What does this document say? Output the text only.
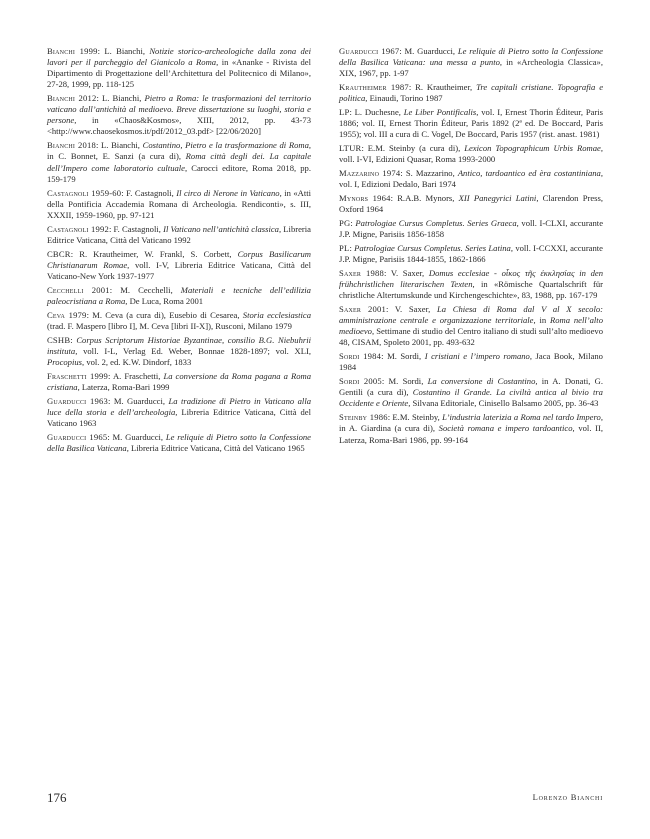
Bianchi 1999: L. Bianchi, Notizie storico-archeologiche dalla zona dei lavori per il parcheggio del Gianicolo a Roma, in «Ananke - Rivista del Dipartimento di Progettazione dell’Architettura del Politecnico di Milano», 27-28, 1999, pp. 118-125

Bianchi 2012: L. Bianchi, Pietro a Roma: le trasformazioni del territorio vaticano dall’antichità al medioevo. Breve dissertazione su luoghi, storia e persone, in «Chaos&Kosmos», XIII, 2012, pp. 43-73 <http://www.chaosekosmos.it/pdf/2012_03.pdf> [22/06/2020]

Bianchi 2018: L. Bianchi, Costantino, Pietro e la trasformazione di Roma, in C. Bonnet, E. Sanzi (a cura di), Roma città degli dei. La capitale dell’Impero come laboratorio cultuale, Carocci editore, Roma 2018, pp. 159-179

Castagnoli 1959-60: F. Castagnoli, Il circo di Nerone in Vaticano, in «Atti della Pontificia Accademia Romana di Archeologia. Rendiconti», s. III, XXXII, 1959-1960, pp. 97-121

Castagnoli 1992: F. Castagnoli, Il Vaticano nell’antichità classica, Libreria Editrice Vaticana, Città del Vaticano 1992

CBCR: R. Krautheimer, W. Frankl, S. Corbett, Corpus Basilicarum Christianarum Romae, voll. I-V, Libreria Editrice Vaticana, Città del Vaticano-New York 1937-1977

Cecchelli 2001: M. Cecchelli, Materiali e tecniche dell’edilizia paleocristiana a Roma, De Luca, Roma 2001

Ceva 1979: M. Ceva (a cura di), Eusebio di Cesarea, Storia ecclesiastica (trad. F. Maspero [libro I], M. Ceva [libri II-X]), Rusconi, Milano 1979

CSHB: Corpus Scriptorum Historiae Byzantinae, consilio B.G. Niebuhrii instituta, voll. I-L, Verlag Ed. Weber, Bonnae 1828-1897; vol. XLI, Procopius, vol. 2, ed. K.W. Dindorf, 1833

Fraschetti 1999: A. Fraschetti, La conversione da Roma pagana a Roma cristiana, Laterza, Roma-Bari 1999

Guarducci 1963: M. Guarducci, La tradizione di Pietro in Vaticano alla luce della storia e dell’archeologia, Libreria Editrice Vaticana, Città del Vaticano 1963

Guarducci 1965: M. Guarducci, Le reliquie di Pietro sotto la Confessione della Basilica Vaticana, Libreria Editrice Vaticana, Città del Vaticano 1965

Guarducci 1967: M. Guarducci, Le reliquie di Pietro sotto la Confessione della Basilica Vaticana: una messa a punto, in «Archeologia Classica», XIX, 1967, pp. 1-97

Krautheimer 1987: R. Krautheimer, Tre capitali cristiane. Topografia e politica, Einaudi, Torino 1987

LP: L. Duchesne, Le Liber Pontificalis, vol. I, Ernest Thorin Éditeur, Paris 1886; vol. II, Ernest Thorin Éditeur, Paris 1892 (2ª ed. De Boccard, Paris 1955); vol. III a cura di C. Vogel, De Boccard, Paris 1957 (rist. anast. 1981)

LTUR: E.M. Steinby (a cura di), Lexicon Topographicum Urbis Romae, voll. I-VI, Edizioni Quasar, Roma 1993-2000

Mazzarino 1974: S. Mazzarino, Antico, tardoantico ed èra costantiniana, vol. I, Edizioni Dedalo, Bari 1974

Mynors 1964: R.A.B. Mynors, XII Panegyrici Latini, Clarendon Press, Oxford 1964

PG: Patrologiae Cursus Completus. Series Graeca, voll. I-CLXI, accurante J.P. Migne, Parisiis 1856-1858

PL: Patrologiae Cursus Completus. Series Latina, voll. I-CCXXI, accurante J.P. Migne, Parisiis 1844-1855, 1862-1866

Saxer 1988: V. Saxer, Domus ecclesiae - οἶκος τῆς ἐκκλησίας in den frühchristlichen literarischen Texten, in «Römische Quartalschrift für christliche Altertumskunde und Kirchengeschichte», 83, 1988, pp. 167-179

Saxer 2001: V. Saxer, La Chiesa di Roma dal V al X secolo: amministrazione centrale e organizzazione territoriale, in Roma nell’alto medioevo, Settimane di studio del Centro italiano di studi sull’alto medioevo 48, CISAM, Spoleto 2001, pp. 493-632

Sordi 1984: M. Sordi, I cristiani e l’impero romano, Jaca Book, Milano 1984

Sordi 2005: M. Sordi, La conversione di Costantino, in A. Donati, G. Gentili (a cura di), Costantino il Grande. La civiltà antica al bivio tra Occidente e Oriente, Silvana Editoriale, Cinisello Balsamo 2005, pp. 36-43

Steinby 1986: E.M. Steinby, L’industria laterizia a Roma nel tardo Impero, in A. Giardina (a cura di), Società romana e impero tardoantico, vol. II, Laterza, Roma-Bari 1986, pp. 99-164

176	Lorenzo Bianchi
